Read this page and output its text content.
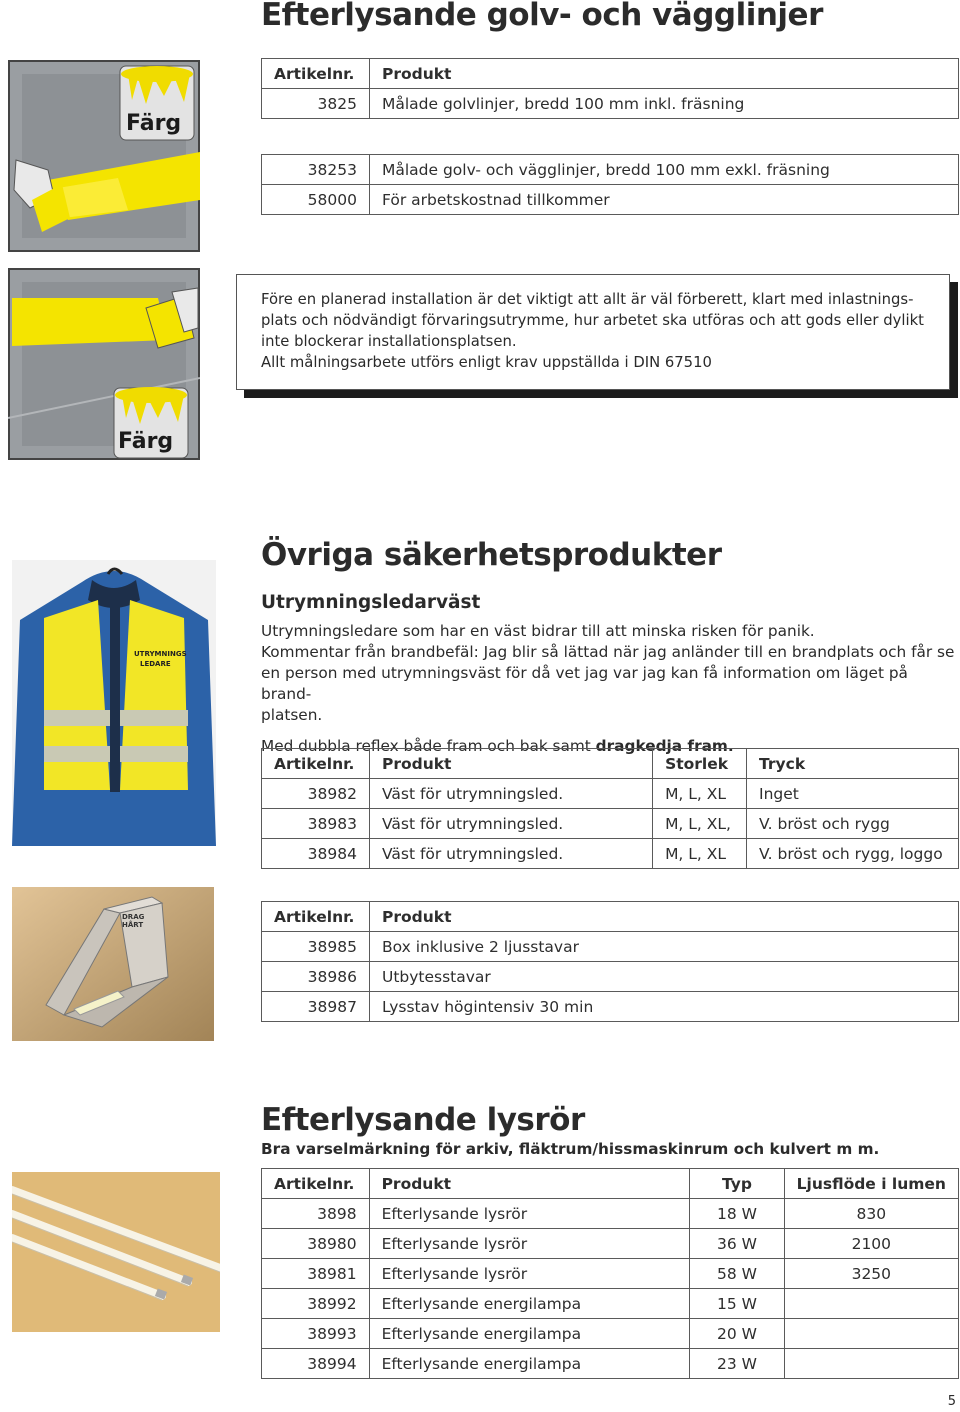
Efterlysande golv- och vägglinjer
Färg
Färg
Artikelnr.	Produkt
3825	Målade golvlinjer, bredd 100 mm inkl. fräsning

38253	Målade golv- och vägglinjer, bredd 100 mm exkl. fräsning
58000	För arbetskostnad tillkommer

Före en planerad installation är det viktigt att allt är väl förberett, klart med inlastnings-

plats och nödvändigt förvaringsutrymme, hur arbetet ska utföras och att gods eller dylikt

inte blockerar installationsplatsen.

Allt målningsarbete utförs enligt krav uppställda i DIN 67510

Övriga säkerhetsprodukter
Utrymningsledarväst

Utrymningsledare som har en väst bidrar till att minska risken för panik.

Kommentar från brandbefäl: Jag blir så lättad när jag anländer till en brandplats och får se

en person med utrymningsväst för då vet jag var jag kan få information om läget på brand-

platsen.

Med dubbla reflex både fram och bak samt dragkedja fram.

UTRYMNINGS
LEDARE
Artikelnr.	Produkt	Storlek	Tryck
38982	Väst för utrymningsled.	M, L, XL	Inget
38983	Väst för utrymningsled.	M, L, XL,	V. bröst och rygg
38984	Väst för utrymningsled.	M, L, XL	V. bröst och rygg, loggo
DRAG
HÅRT	Artikelnr.	Produkt
38985	Box inklusive 2 ljusstavar
38986	Utbytesstavar
38987	Lysstav högintensiv 30 min
Efterlysande lysrör
Bra varselmärkning för arkiv, fläktrum/hissmaskinrum och kulvert m m.
Artikelnr.	Produkt	Typ	Ljusflöde i lumen
3898	Efterlysande lysrör	18 W	830
38980	Efterlysande lysrör	36 W	2100
38981	Efterlysande lysrör	58 W	3250
38992	Efterlysande energilampa	15 W	
38993	Efterlysande energilampa	20 W	
38994	Efterlysande energilampa	23 W	
5
